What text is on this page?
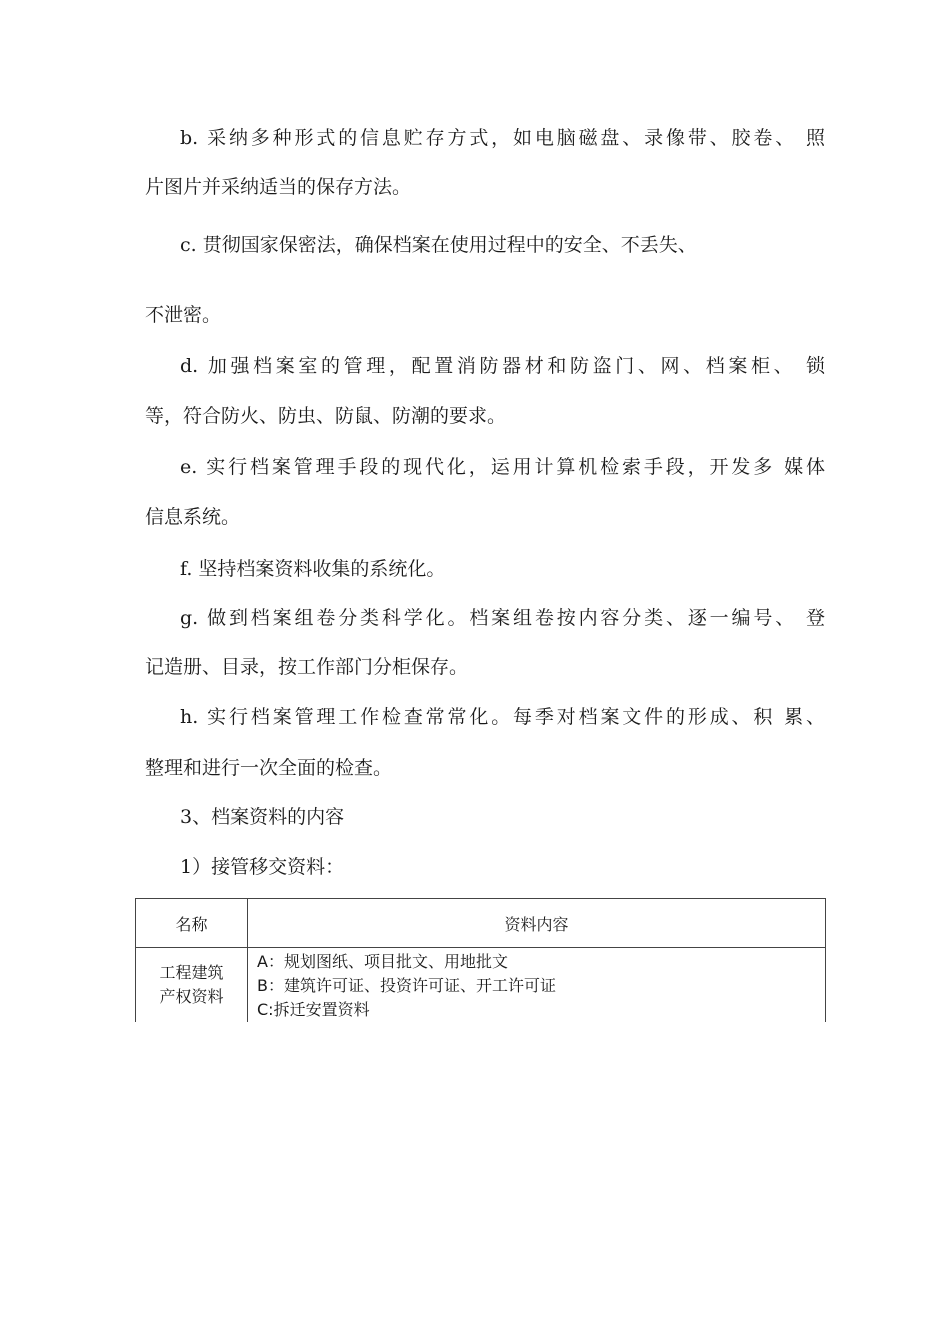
b. 采纳多种形式的信息贮存方式，如电脑磁盘、录像带、胶卷、 照
片图片并采纳适当的保存方法。
c. 贯彻国家保密法，确保档案在使用过程中的安全、不丢失、
不泄密。
d. 加强档案室的管理，配置消防器材和防盗门、网、档案柜、 锁
等，符合防火、防虫、防鼠、防潮的要求。
e. 实行档案管理手段的现代化，运用计算机检索手段，开发多 媒体
信息系统。
f. 坚持档案资料收集的系统化。
g. 做到档案组卷分类科学化。档案组卷按内容分类、逐一编号、 登
记造册、目录，按工作部门分柜保存。
h. 实行档案管理工作检查常常化。每季对档案文件的形成、积 累、
整理和进行一次全面的检查。
3、档案资料的内容
1）接管移交资料：
名称	资料内容

工程建筑
产权资料	A：规划图纸、项目批文、用地批文
B：建筑许可证、投资许可证、开工许可证
C:拆迁安置资料
